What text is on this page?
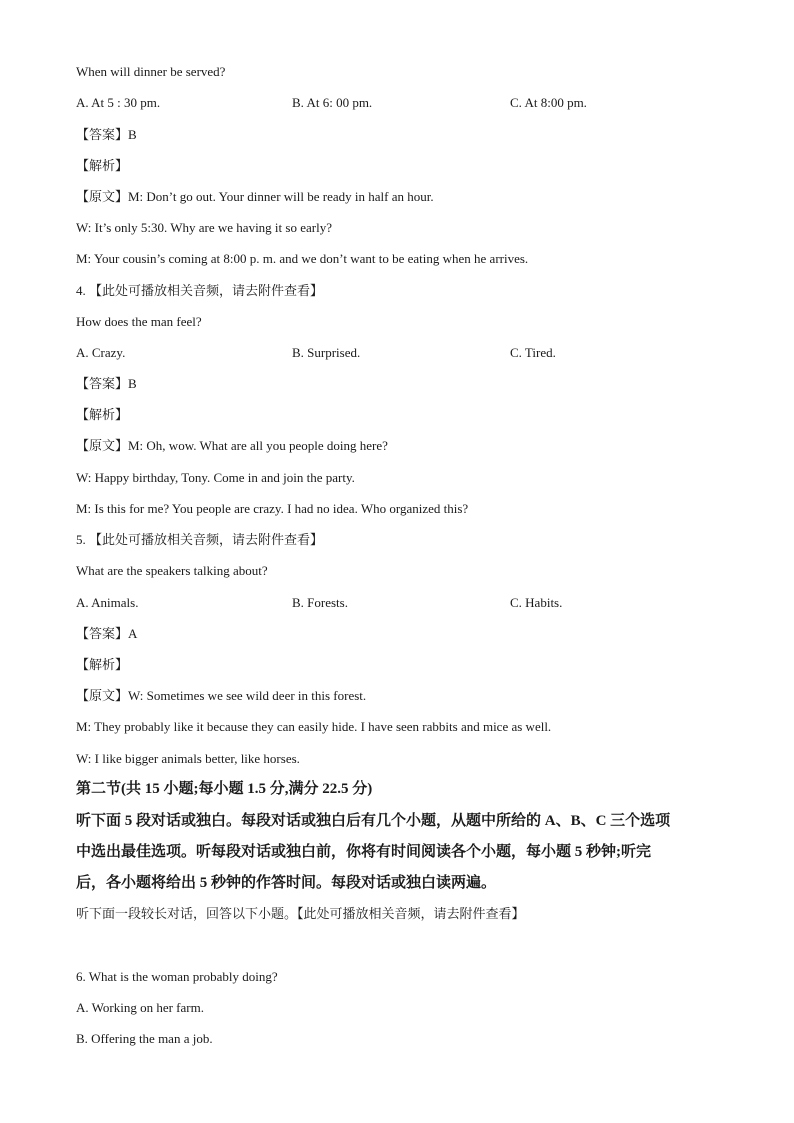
When will dinner be served?
A. At 5 : 30 pm.	B. At 6: 00 pm.	C. At 8:00 pm.
【答案】B
【解析】
【原文】M: Don’t go out. Your dinner will be ready in half an hour.
W: It’s only 5:30. Why are we having it so early?
M: Your cousin’s coming at 8:00 p. m. and we don’t want to be eating when he arrives.
4. 【此处可播放相关音频，请去附件查看】
How does the man feel?
A. Crazy.	B. Surprised.	C. Tired.
【答案】B
【解析】
【原文】M: Oh, wow. What are all you people doing here?
W: Happy birthday, Tony. Come in and join the party.
M: Is this for me? You people are crazy. I had no idea. Who organized this?
5. 【此处可播放相关音频，请去附件查看】
What are the speakers talking about?
A. Animals.	B. Forests.	C. Habits.
【答案】A
【解析】
【原文】W: Sometimes we see wild deer in this forest.
M: They probably like it because they can easily hide. I have seen rabbits and mice as well.
W: I like bigger animals better, like horses.
第二节(共 15 小题;每小题 1.5 分,满分 22.5 分)
听下面 5 段对话或独白。每段对话或独白后有几个小题，从题中所给的 A、B、C 三个选项
中选出最佳选项。听每段对话或独白前，你将有时间阅读各个小题，每小题 5 秒钟;听完
后，各小题将给出 5 秒钟的作答时间。每段对话或独白读两遍。
听下面一段较长对话，回答以下小题。【此处可播放相关音频，请去附件查看】
6. What is the woman probably doing?
A. Working on her farm.
B. Offering the man a job.
